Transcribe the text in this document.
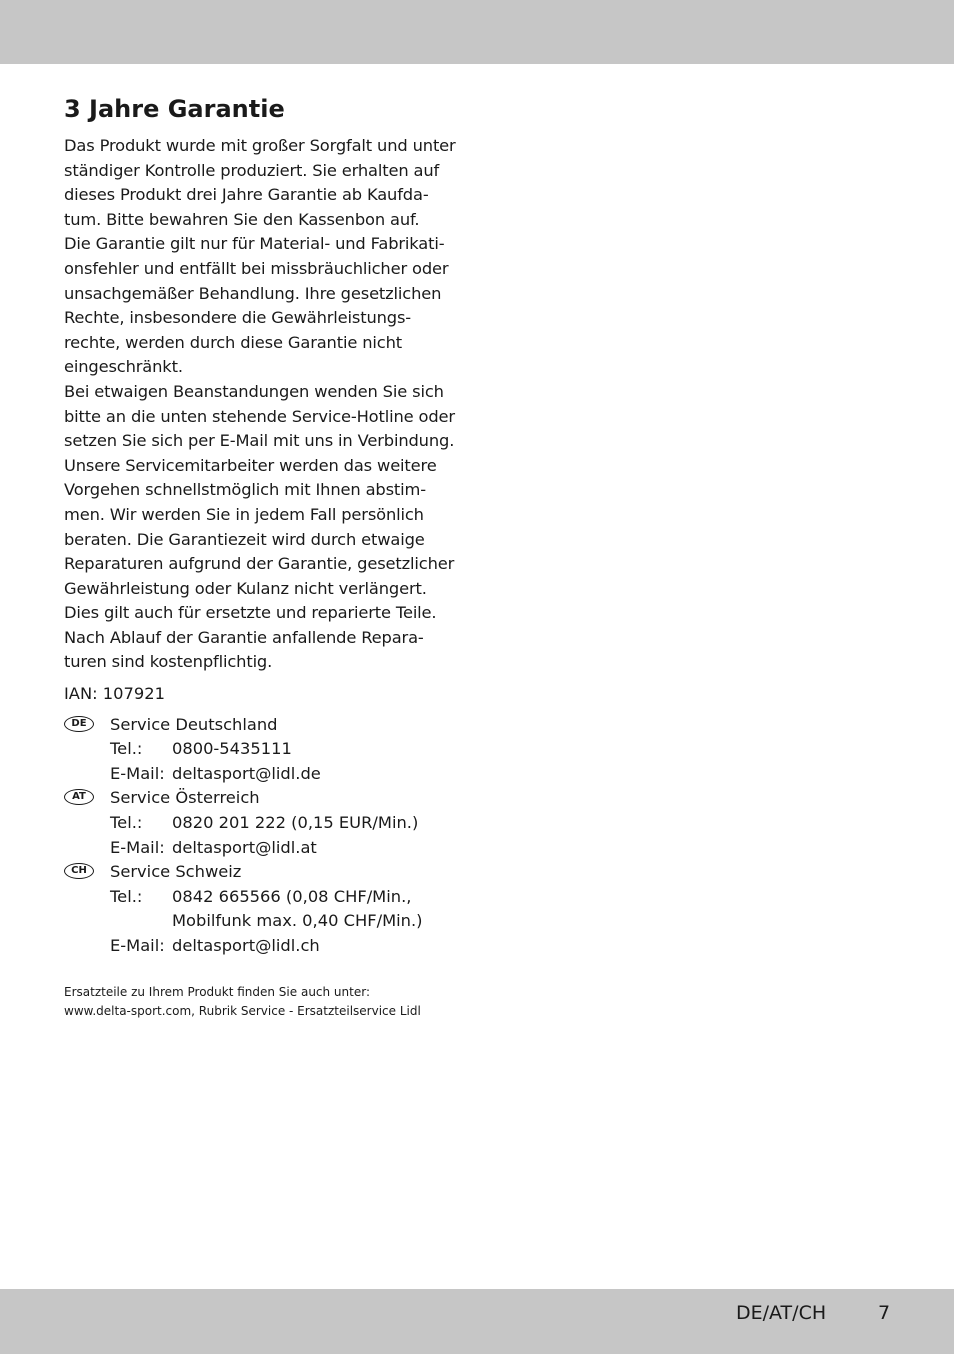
3 Jahre Garantie

Das Produkt wurde mit großer Sorgfalt und unter
ständiger Kontrolle produziert. Sie erhalten auf
dieses Produkt drei Jahre Garantie ab Kaufda-
tum. Bitte bewahren Sie den Kassenbon auf.

Die Garantie gilt nur für Material- und Fabrikati-
onsfehler und entfällt bei missbräuchlicher oder
unsachgemäßer Behandlung. Ihre gesetzlichen
Rechte, insbesondere die Gewährleistungs-
rechte, werden durch diese Garantie nicht
eingeschränkt.

Bei etwaigen Beanstandungen wenden Sie sich
bitte an die unten stehende Service-Hotline oder
setzen Sie sich per E-Mail mit uns in Verbindung.
Unsere Servicemitarbeiter werden das weitere
Vorgehen schnellstmöglich mit Ihnen abstim-
men. Wir werden Sie in jedem Fall persönlich
beraten. Die Garantiezeit wird durch etwaige
Reparaturen aufgrund der Garantie, gesetzlicher
Gewährleistung oder Kulanz nicht verlängert.
Dies gilt auch für ersetzte und reparierte Teile.
Nach Ablauf der Garantie anfallende Repara-
turen sind kostenpflichtig.

IAN: 107921

DE	Service Deutschland
Tel.:	0800-5435111
E-Mail: deltasport@lidl.de
AT	Service Österreich
Tel.:	0820 201 222 (0,15 EUR/Min.)
E-Mail: deltasport@lidl.at
CH	Service Schweiz
Tel.:	0842 665566 (0,08 CHF/Min.,
Mobilfunk max. 0,40 CHF/Min.)
E-Mail: deltasport@lidl.ch
Ersatzteile zu Ihrem Produkt finden Sie auch unter:
www.delta-sport.com, Rubrik Service - Ersatzteilservice Lidl
DE/AT/CH	7
